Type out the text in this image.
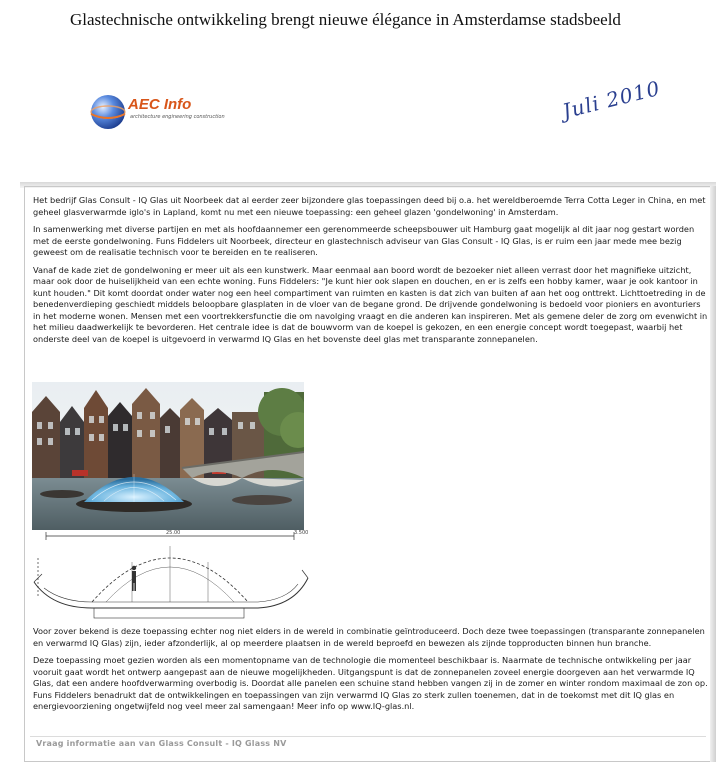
Glastechnische ontwikkeling brengt nieuwe élégance in Amsterdamse stadsbeeld
AEC Info
architecture engineering construction	Juli 2010

Het bedrijf Glas Consult - IQ Glas uit Noorbeek dat al eerder zeer bijzondere glas toepassingen deed bij o.a. het wereldberoemde Terra Cotta Leger in China, en met geheel glasverwarmde iglo's in Lapland, komt nu met een nieuwe toepassing: een geheel glazen 'gondelwoning' in Amsterdam.

In samenwerking met diverse partijen en met als hoofdaannemer een gerenommeerde scheepsbouwer uit Hamburg gaat mogelijk al dit jaar nog gestart worden met de eerste gondelwoning. Funs Fiddelers uit Noorbeek, directeur en glastechnisch adviseur van Glas Consult - IQ Glas, is er ruim een jaar mede mee bezig geweest om de realisatie technisch voor te bereiden en te realiseren.

Vanaf de kade ziet de gondelwoning er meer uit als een kunstwerk. Maar eenmaal aan boord wordt de bezoeker niet alleen verrast door het magnifieke uitzicht, maar ook door de huiselijkheid van een echte woning. Funs Fiddelers: "Je kunt hier ook slapen en douchen, en er is zelfs een hobby kamer, waar je ook kantoor in kunt houden." Dit komt doordat onder water nog een heel compartiment van ruimten en kasten is dat zich van buiten af aan het oog onttrekt. Lichttoetreding in de benedenverdieping geschiedt middels beloopbare glasplaten in de vloer van de begane grond. De drijvende gondelwoning is bedoeld voor pioniers en avonturiers in het moderne wonen. Mensen met een voortrekkersfunctie die om navolging vraagt en die anderen kan inspireren. Met als gemene deler de zorg om evenwicht in het milieu daadwerkelijk te bevorderen. Het centrale idee is dat de bouwvorm van de koepel is gekozen, en een energie concept wordt toegepast, waarbij het onderste deel van de koepel is uitgevoerd in verwarmd IQ Glas en het bovenste deel glas met transparante zonnepanelen.

25.00	3.500

Voor zover bekend is deze toepassing echter nog niet elders in de wereld in combinatie geïntroduceerd. Doch deze twee toepassingen (transparante zonnepanelen en verwarmd IQ Glas) zijn, ieder afzonderlijk, al op meerdere plaatsen in de wereld beproefd en bewezen als zijnde topproducten binnen hun branche.

Deze toepassing moet gezien worden als een momentopname van de technologie die momenteel beschikbaar is. Naarmate de technische ontwikkeling per jaar vooruit gaat wordt het ontwerp aangepast aan de nieuwe mogelijkheden. Uitgangspunt is dat de zonnepanelen zoveel energie doorgeven aan het verwarmde IQ Glas, dat een andere hoofdverwarming overbodig is. Doordat alle panelen een schuine stand hebben vangen zij in de zomer en winter rondom maximaal de zon op. Funs Fiddelers benadrukt dat de ontwikkelingen en toepassingen van zijn verwarmd IQ Glas zo sterk zullen toenemen, dat in de toekomst met dit IQ glas en energievoorziening ongetwijfeld nog veel meer zal samengaan! Meer info op www.IQ-glas.nl.

Vraag informatie aan van Glass Consult - IQ Glass NV
